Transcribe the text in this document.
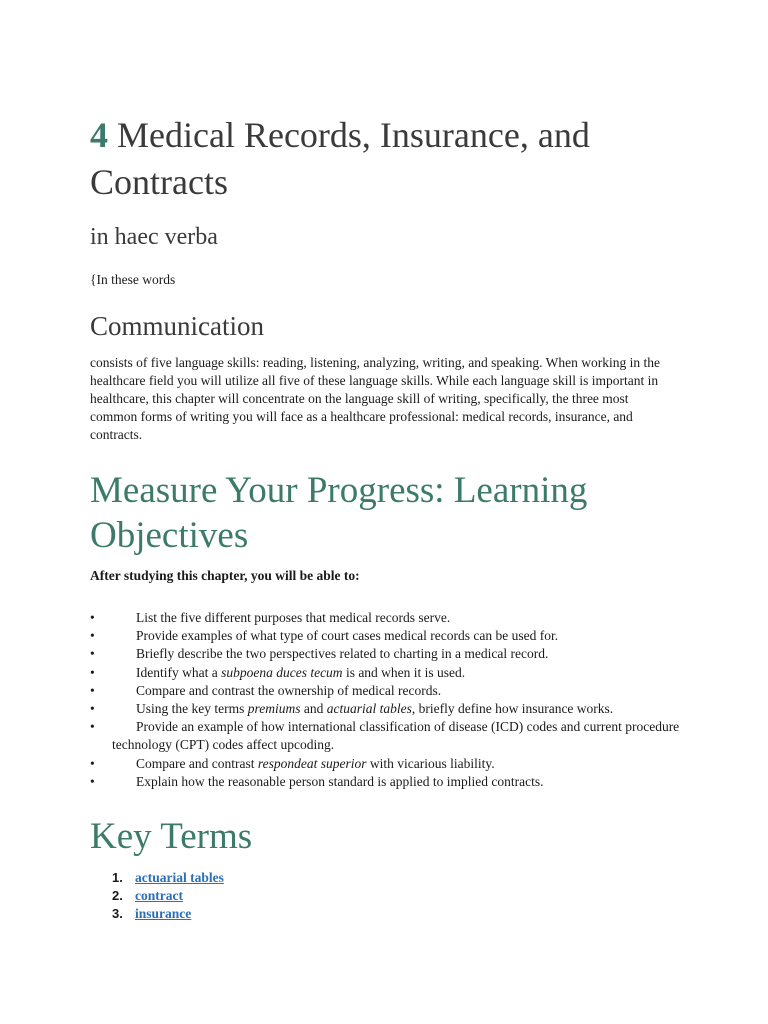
4 Medical Records, Insurance, and Contracts
in haec verba

{In these words

Communication

consists of five language skills: reading, listening, analyzing, writing, and speaking. When working in the healthcare field you will utilize all five of these language skills. While each language skill is important in healthcare, this chapter will concentrate on the language skill of writing, specifically, the three most common forms of writing you will face as a healthcare professional: medical records, insurance, and contracts.

Measure Your Progress: Learning Objectives

After studying this chapter, you will be able to:

•	List the five different purposes that medical records serve.
•	Provide examples of what type of court cases medical records can be used for.
•	Briefly describe the two perspectives related to charting in a medical record.
•	Identify what a subpoena duces tecum is and when it is used.
•	Compare and contrast the ownership of medical records.
•	Using the key terms premiums and actuarial tables, briefly define how insurance works.
•	Provide an example of how international classification of disease (ICD) codes and current procedure technology (CPT) codes affect upcoding.
•	Compare and contrast respondeat superior with vicarious liability.
•	Explain how the reasonable person standard is applied to implied contracts.
Key Terms
1. actuarial tables
2. contract
3. insurance
